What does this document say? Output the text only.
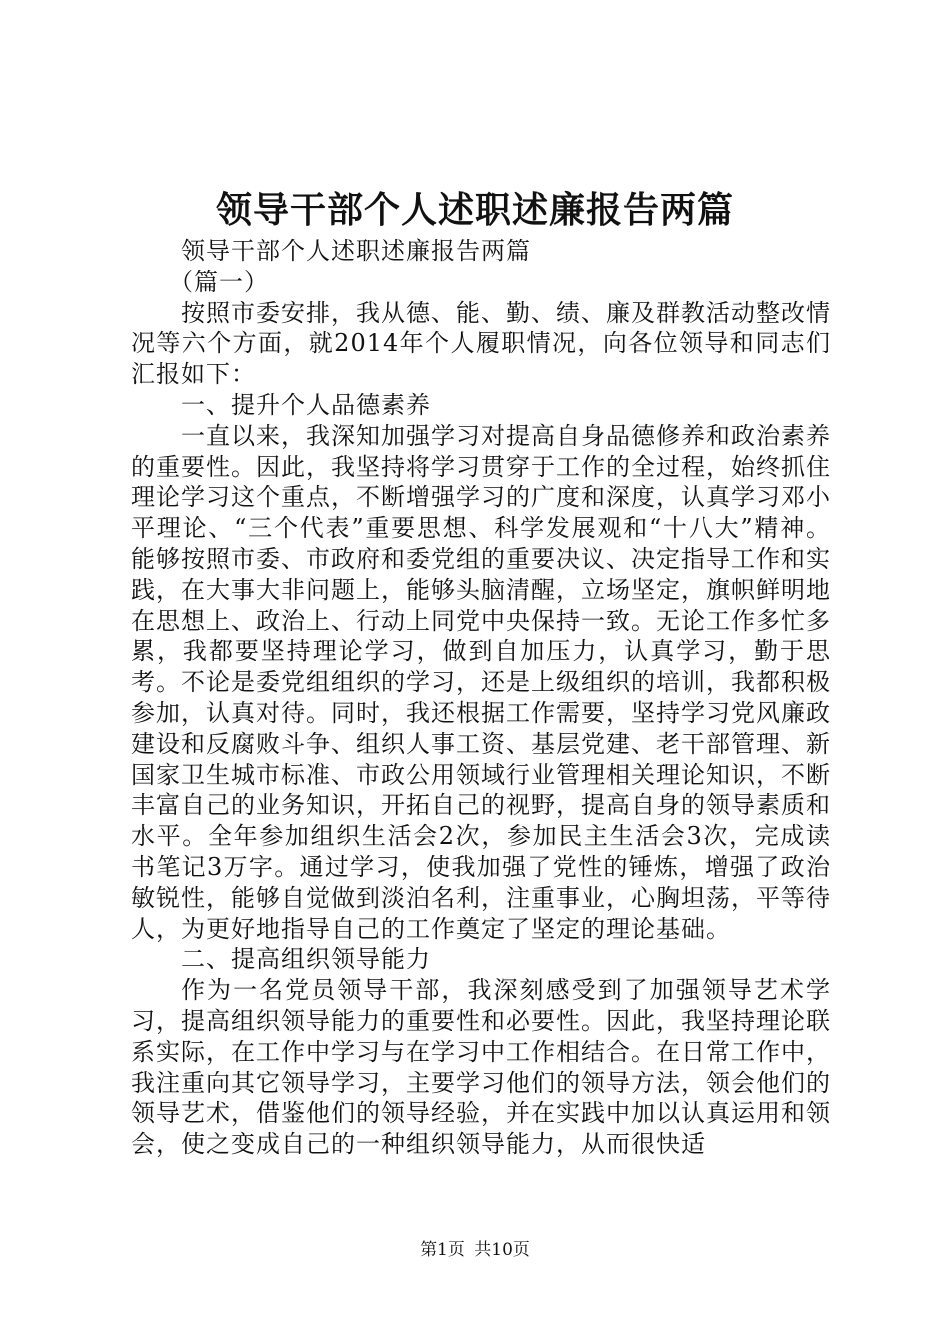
领导干部个人述职述廉报告两篇

领导干部个人述职述廉报告两篇

（篇一）

按照市委安排，我从德、能、勤、绩、廉及群教活动整改情况等六个方面，就2014年个人履职情况，向各位领导和同志们汇报如下：

一、提升个人品德素养

一直以来，我深知加强学习对提高自身品德修养和政治素养的重要性。因此，我坚持将学习贯穿于工作的全过程，始终抓住理论学习这个重点，不断增强学习的广度和深度，认真学习邓小平理论、“三个代表”重要思想、科学发展观和“十八大”精神。能够按照市委、市政府和委党组的重要决议、决定指导工作和实践，在大事大非问题上，能够头脑清醒，立场坚定，旗帜鲜明地在思想上、政治上、行动上同党中央保持一致。无论工作多忙多累，我都要坚持理论学习，做到自加压力，认真学习，勤于思考。不论是委党组组织的学习，还是上级组织的培训，我都积极参加，认真对待。同时，我还根据工作需要，坚持学习党风廉政建设和反腐败斗争、组织人事工资、基层党建、老干部管理、新国家卫生城市标准、市政公用领域行业管理相关理论知识，不断丰富自己的业务知识，开拓自己的视野，提高自身的领导素质和水平。全年参加组织生活会2次，参加民主生活会3次，完成读书笔记3万字。通过学习，使我加强了党性的锤炼，增强了政治敏锐性，能够自觉做到淡泊名利，注重事业，心胸坦荡，平等待人，为更好地指导自己的工作奠定了坚定的理论基础。

二、提高组织领导能力

作为一名党员领导干部，我深刻感受到了加强领导艺术学习，提高组织领导能力的重要性和必要性。因此，我坚持理论联系实际，在工作中学习与在学习中工作相结合。在日常工作中，我注重向其它领导学习，主要学习他们的领导方法，领会他们的领导艺术，借鉴他们的领导经验，并在实践中加以认真运用和领会，使之变成自己的一种组织领导能力，从而很快适

第1页 共10页
